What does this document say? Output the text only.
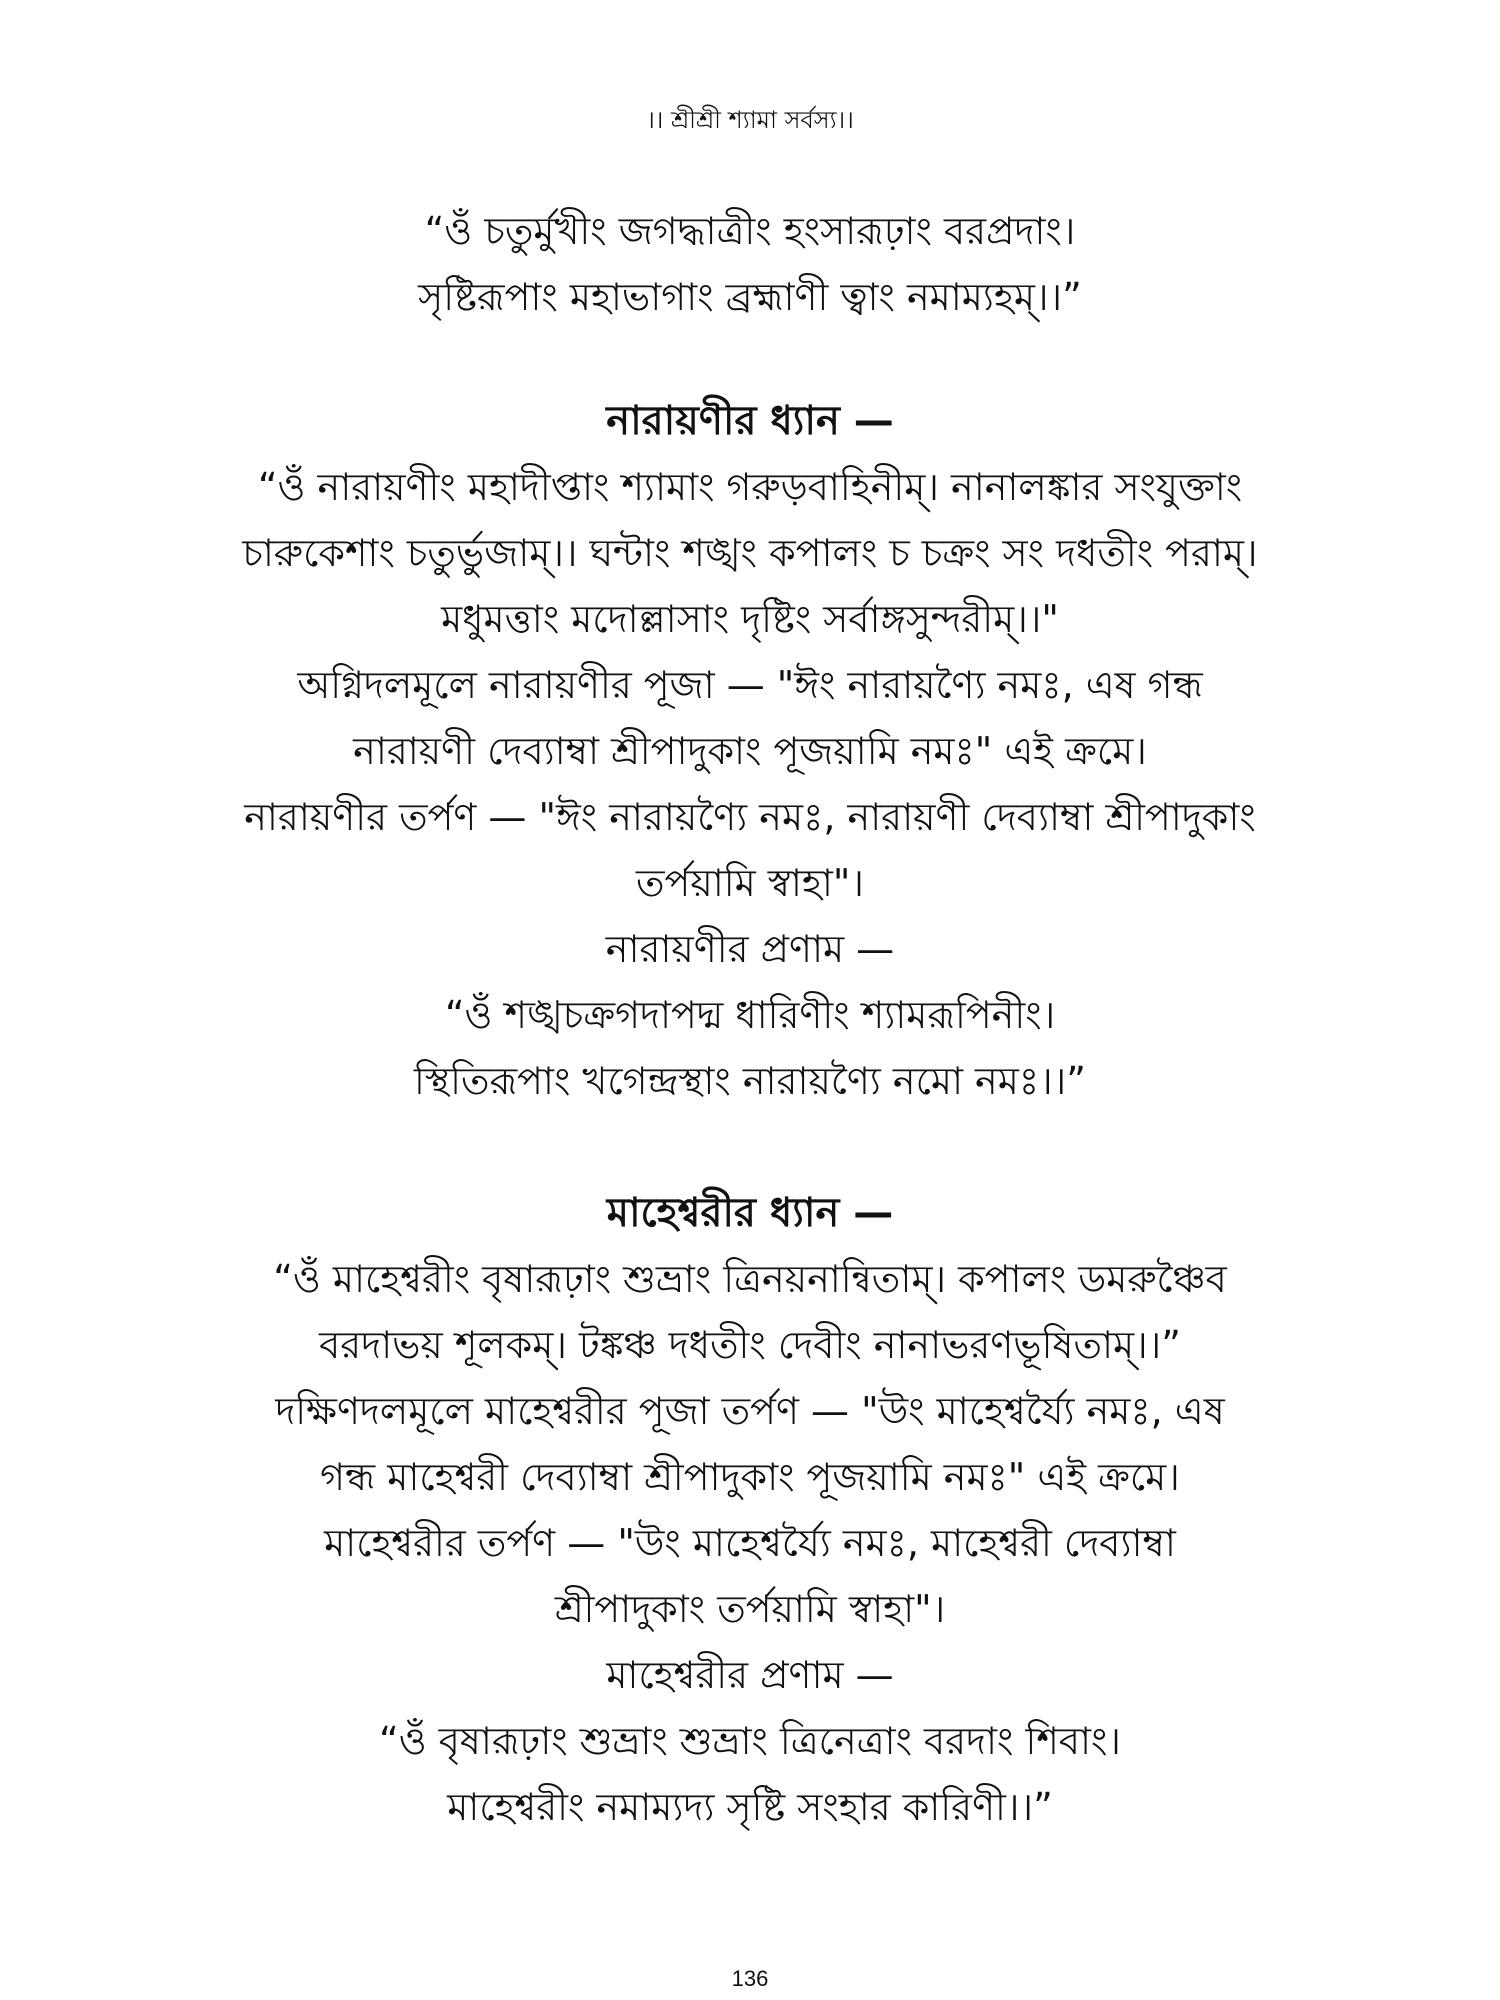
।। শ্রীশ্রী শ্যামা সর্বস্য।।

“ওঁ চতুর্মুখীং জগদ্ধাত্রীং হংসারূঢ়াং বরপ্রদাং।

সৃষ্টিরূপাং মহাভাগাং ব্রহ্মাণী ত্বাং নমাম্যহম্।।”

নারায়ণীর ধ্যান —

“ওঁ নারায়ণীং মহাদীপ্তাং শ্যামাং গরুড়বাহিনীম্। নানালঙ্কার সংযুক্তাং

চারুকেশাং চতুর্ভুজাম্।। ঘন্টাং শঙ্খং কপালং চ চক্রং সং দধতীং পরাম্।

মধুমত্তাং মদোল্লাসাং দৃষ্টিং সর্বাঙ্গসুন্দরীম্।।"

অগ্নিদলমূলে নারায়ণীর পূজা — "ঈং নারায়ণ্যৈ নমঃ, এষ গন্ধ

নারায়ণী দেব্যাম্বা শ্রীপাদুকাং পূজয়ামি নমঃ" এই ক্রমে।

নারায়ণীর তর্পণ — "ঈং নারায়ণ্যৈ নমঃ, নারায়ণী দেব্যাম্বা শ্রীপাদুকাং

তর্পয়ামি স্বাহা"।

নারায়ণীর প্রণাম —

“ওঁ শঙ্খচক্রগদাপদ্ম ধারিণীং শ্যামরূপিনীং।

স্থিতিরূপাং খগেন্দ্রস্থাং নারায়ণ্যৈ নমো নমঃ।।”

মাহেশ্বরীর ধ্যান —

“ওঁ মাহেশ্বরীং বৃষারূঢ়াং শুভ্রাং ত্রিনয়নান্বিতাম্। কপালং ডমরুঞ্চৈব

বরদাভয় শূলকম্। টঙ্কঞ্চ দধতীং দেবীং নানাভরণভূষিতাম্।।”

দক্ষিণদলমূলে মাহেশ্বরীর পূজা তর্পণ — "উং মাহেশ্বর্য্যৈ নমঃ, এষ

গন্ধ মাহেশ্বরী দেব্যাম্বা শ্রীপাদুকাং পূজয়ামি নমঃ" এই ক্রমে।

মাহেশ্বরীর তর্পণ — "উং মাহেশ্বর্য্যৈ নমঃ, মাহেশ্বরী দেব্যাম্বা

শ্রীপাদুকাং তর্পয়ামি স্বাহা"।

মাহেশ্বরীর প্রণাম —

“ওঁ বৃষারূঢ়াং শুভ্রাং শুভ্রাং ত্রিনেত্রাং বরদাং শিবাং।

মাহেশ্বরীং নমাম্যদ্য সৃষ্টি সংহার কারিণী।।”

136
